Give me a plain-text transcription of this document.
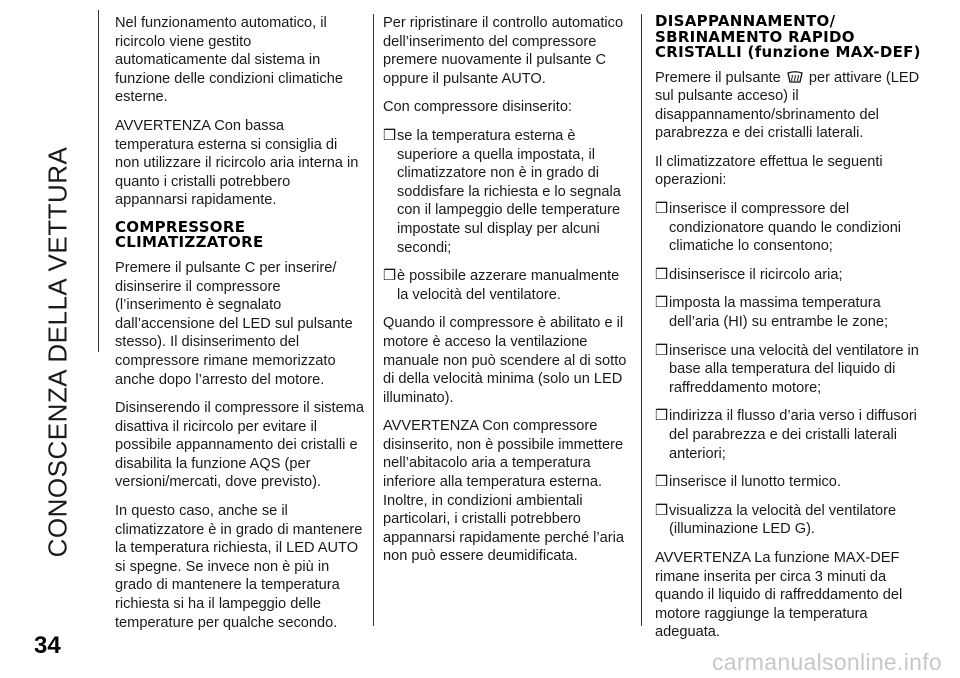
CONOSCENZA DELLA VETTURA
34

Nel funzionamento automatico, il ricircolo viene gestito automaticamente dal sistema in funzione delle condizioni climatiche esterne.

AVVERTENZA Con bassa temperatura esterna si consiglia di non utilizzare il ricircolo aria interna in quanto i cristalli potrebbero appannarsi rapidamente.

COMPRESSORE CLIMATIZZATORE

Premere il pulsante C per inserire/ disinserire il compressore (l’inserimento è segnalato dall’accensione del LED sul pulsante stesso). Il disinserimento del compressore rimane memorizzato anche dopo l’arresto del motore.

Disinserendo il compressore il sistema disattiva il ricircolo per evitare il possibile appannamento dei cristalli e disabilita la funzione AQS (per versioni/mercati, dove previsto).

In questo caso, anche se il climatizzatore è in grado di mantenere la temperatura richiesta, il LED AUTO si spegne. Se invece non è più in grado di mantenere la temperatura richiesta si ha il lampeggio delle temperature per qualche secondo.

Per ripristinare il controllo automatico dell’inserimento del compressore premere nuovamente il pulsante C oppure il pulsante AUTO.

Con compressore disinserito:

❒ se la temperatura esterna è superiore a quella impostata, il climatizzatore non è in grado di soddisfare la richiesta e lo segnala con il lampeggio delle temperature impostate sul display per alcuni secondi;
❒ è possibile azzerare manualmente la velocità del ventilatore.

Quando il compressore è abilitato e il motore è acceso la ventilazione manuale non può scendere al di sotto di della velocità minima (solo un LED illuminato).

AVVERTENZA Con compressore disinserito, non è possibile immettere nell’abitacolo aria a temperatura inferiore alla temperatura esterna. Inoltre, in condizioni ambientali particolari, i cristalli potrebbero appannarsi rapidamente perché l’aria non può essere deumidificata.

DISAPPANNAMENTO/ SBRINAMENTO RAPIDO CRISTALLI (funzione MAX-DEF)

Premere il pulsante per attivare (LED sul pulsante acceso) il disappannamento/sbrinamento del parabrezza e dei cristalli laterali.

Il climatizzatore effettua le seguenti operazioni:

❒ inserisce il compressore del condizionatore quando le condizioni climatiche lo consentono;
❒ disinserisce il ricircolo aria;
❒ imposta la massima temperatura dell’aria (HI) su entrambe le zone;
❒ inserisce una velocità del ventilatore in base alla temperatura del liquido di raffreddamento motore;
❒ indirizza il flusso d’aria verso i diffusori del parabrezza e dei cristalli laterali anteriori;
❒ inserisce il lunotto termico.
❒ visualizza la velocità del ventilatore (illuminazione LED G).

AVVERTENZA La funzione MAX-DEF rimane inserita per circa 3 minuti da quando il liquido di raffreddamento del motore raggiunge la temperatura adeguata.

carmanualsonline.info
